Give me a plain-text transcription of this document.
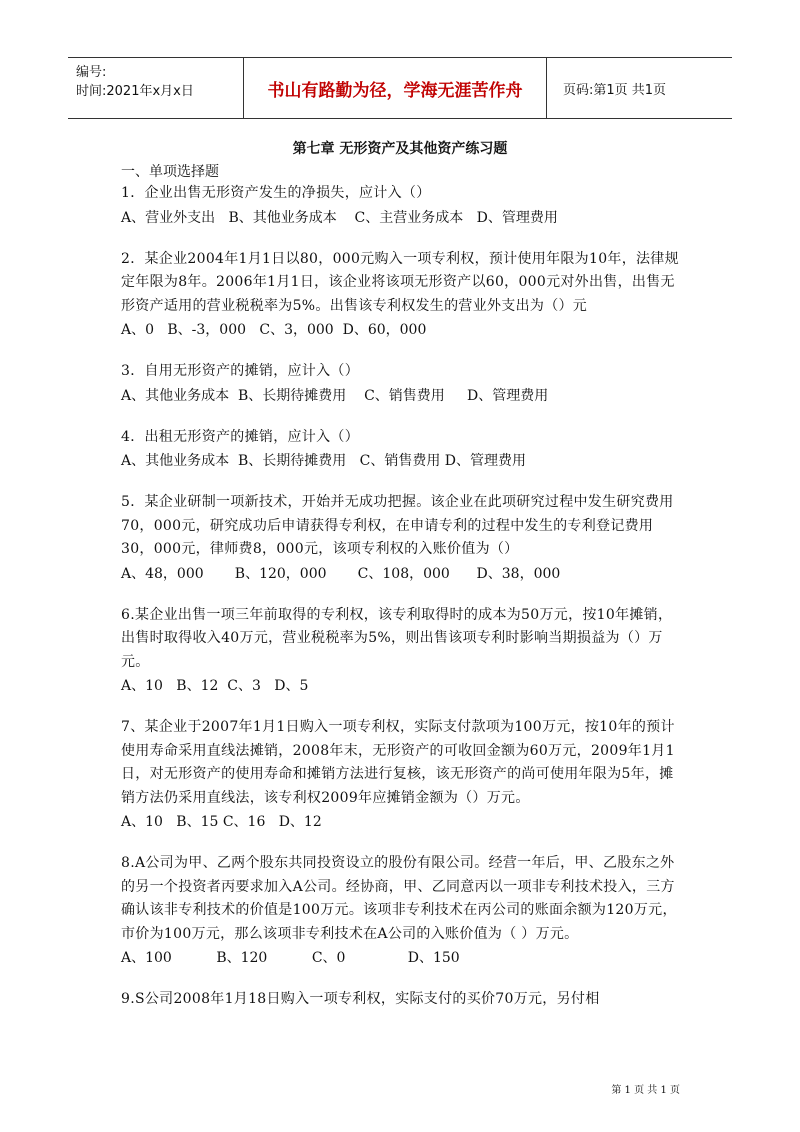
编号:
时间:2021年x月x日	书山有路勤为径，学海无涯苦作舟	页码:第1页 共1页
第七章 无形资产及其他资产练习题
一、单项选择题
1．企业出售无形资产发生的净损失，应计入（）
A、营业外支出   B、其他业务成本    C、主营业务成本   D、管理费用
2．某企业2004年1月1日以80，000元购入一项专利权，预计使用年限为10年，法律规定年限为8年。2006年1月1日，该企业将该项无形资产以60，000元对外出售，出售无形资产适用的营业税税率为5%。出售该专利权发生的营业外支出为（）元
A、0   B、-3，000   C、3，000  D、60，000
3．自用无形资产的摊销，应计入（）
A、其他业务成本  B、长期待摊费用    C、销售费用     D、管理费用
4．出租无形资产的摊销，应计入（）
A、其他业务成本  B、长期待摊费用   C、销售费用 D、管理费用
5．某企业研制一项新技术，开始并无成功把握。该企业在此项研究过程中发生研究费用70，000元，研究成功后申请获得专利权，在申请专利的过程中发生的专利登记费用30，000元，律师费8，000元，该项专利权的入账价值为（）
A、48，000       B、120，000       C、108，000      D、38，000
6.某企业出售一项三年前取得的专利权，该专利取得时的成本为50万元，按10年摊销，出售时取得收入40万元，营业税税率为5%，则出售该项专利时影响当期损益为（）万元。
A、10   B、12  C、3   D、5
7、某企业于2007年1月1日购入一项专利权，实际支付款项为100万元，按10年的预计使用寿命采用直线法摊销，2008年末，无形资产的可收回金额为60万元，2009年1月1日，对无形资产的使用寿命和摊销方法进行复核，该无形资产的尚可使用年限为5年，摊销方法仍采用直线法，该专利权2009年应摊销金额为（）万元。
A、10   B、15 C、16   D、12
8.A公司为甲、乙两个股东共同投资设立的股份有限公司。经营一年后，甲、乙股东之外的另一个投资者丙要求加入A公司。经协商，甲、乙同意丙以一项非专利技术投入，三方确认该非专利技术的价值是100万元。该项非专利技术在丙公司的账面余额为120万元，市价为100万元，那么该项非专利技术在A公司的入账价值为（ ）万元。
A、100          B、120          C、0              D、150
9.S公司2008年1月18日购入一项专利权，实际支付的买价70万元，另付相
第 1 页 共 1 页
